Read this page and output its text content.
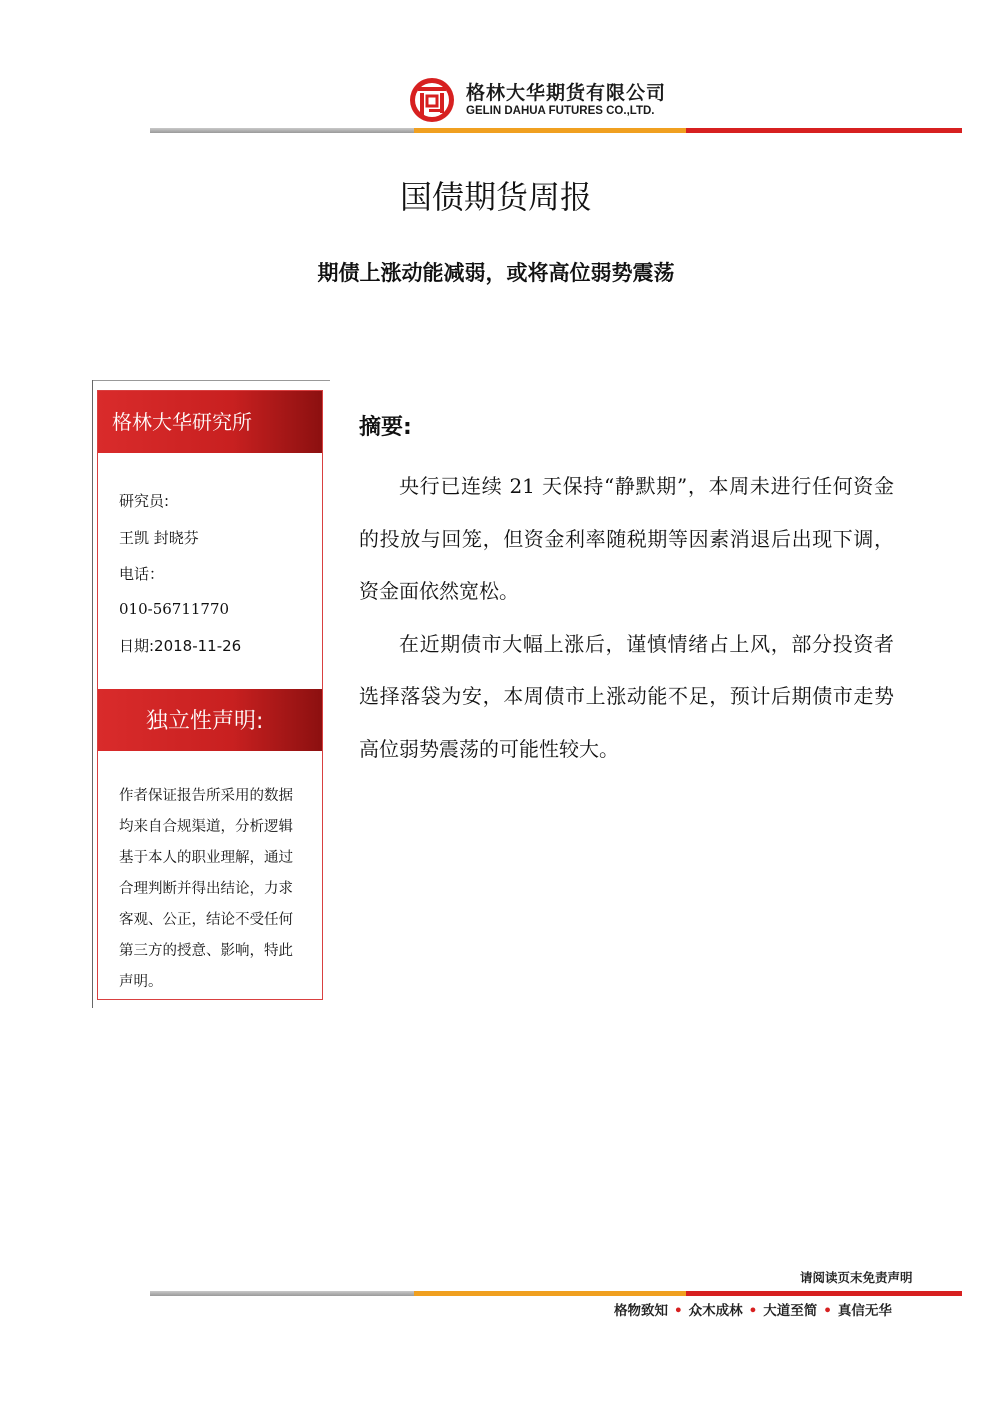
格林大华期货有限公司
GELIN DAHUA FUTURES CO.,LTD.
国债期货周报
期债上涨动能减弱，或将高位弱势震荡
格林大华研究所
研究员:
王凯 封晓芬
电话：
010-56711770
日期:2018-11-26
独立性声明:
作者保证报告所采用的数据均来自合规渠道，分析逻辑基于本人的职业理解，通过合理判断并得出结论，力求客观、公正，结论不受任何第三方的授意、影响，特此声明。
摘要:

央行已连续 21 天保持“静默期”，本周未进行任何资金的投放与回笼，但资金利率随税期等因素消退后出现下调，资金面依然宽松。

在近期债市大幅上涨后，谨慎情绪占上风，部分投资者选择落袋为安，本周债市上涨动能不足，预计后期债市走势高位弱势震荡的可能性较大。

请阅读页末免责声明
格物致知 • 众木成林 • 大道至简 • 真信无华
